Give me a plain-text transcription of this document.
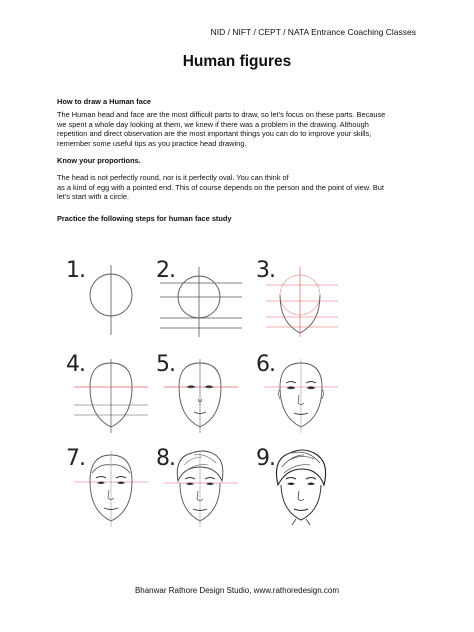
NID / NIFT / CEPT / NATA Entrance Coaching Classes
Human figures
How to draw a Human face
The Human head and face are the most difficult parts to draw, so let's focus on these parts. Because
we spent a whole day looking at them, we knew if there was a problem in the drawing. Although
repetition and direct observation are the most important things you can do to improve your skills,
remember some useful tips as you practice head drawing.
Know your proportions.
The head is not perfectly round, nor is it perfectly oval. You can think of
as a kind of egg with a pointed end. This of course depends on the person and the point of view. But
let's start with a circle.
Practice the following steps for human face study
1.	2.	3.
4.	5.	6.
7.	8.	9.
Bhanwar Rathore Design Studio, www.rathoredesign.com
